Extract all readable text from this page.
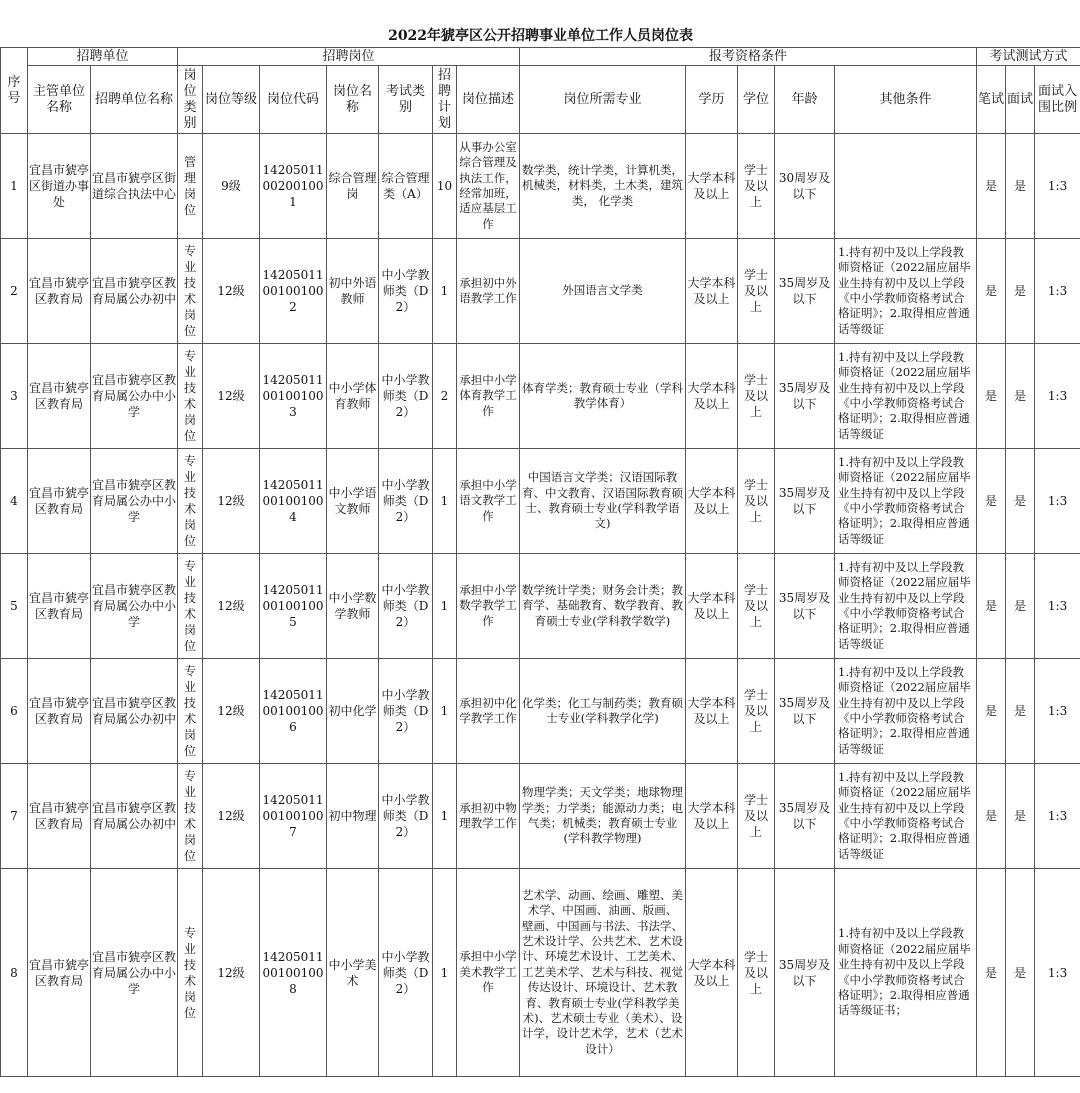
2022年猇亭区公开招聘事业单位工作人员岗位表																	
序号	招聘单位		招聘岗位							报考资格条件					考试测试方式		
	主管单位名称	招聘单位名称	岗位类别	岗位等级	岗位代码	岗位名称	考试类别	招聘计划	岗位描述	岗位所需专业	学历	学位	年龄	其他条件	笔试	面试	面试入围比例

1	宜昌市猇亭区街道办事处	宜昌市猇亭区街道综合执法中心	管理岗位	9级	14205011002001001	综合管理岗	综合管理类（A）	10	从事办公室综合管理及执法工作，经常加班，适应基层工作	数学类，统计学类，计算机类，机械类，材料类，土木类，建筑类， 化学类	大学本科及以上	学士及以上	30周岁及以下		是	是	1:3

2	宜昌市猇亭区教育局	宜昌市猇亭区教育局属公办初中	专业技术岗位	12级	14205011001001002	初中外语教师	中小学教师类（D2）	1	承担初中外语教学工作	外国语言文学类	大学本科及以上	学士及以上	35周岁及以下	1.持有初中及以上学段教师资格证（2022届应届毕业生持有初中及以上学段《中小学教师资格考试合格证明》；2.取得相应普通话等级证	是	是	1:3

3	宜昌市猇亭区教育局	宜昌市猇亭区教育局属公办中小学	专业技术岗位	12级	14205011001001003	中小学体育教师	中小学教师类（D2）	2	承担中小学体育教学工作	体育学类；教育硕士专业（学科教学体育）	大学本科及以上	学士及以上	35周岁及以下	1.持有初中及以上学段教师资格证（2022届应届毕业生持有初中及以上学段《中小学教师资格考试合格证明》；2.取得相应普通话等级证	是	是	1:3

4	宜昌市猇亭区教育局	宜昌市猇亭区教育局属公办中小学	专业技术岗位	12级	14205011001001004	中小学语文教师	中小学教师类（D2）	1	承担中小学语文教学工作	中国语言文学类；汉语国际教育、中文教育、汉语国际教育硕士、教育硕士专业(学科教学语文)	大学本科及以上	学士及以上	35周岁及以下	1.持有初中及以上学段教师资格证（2022届应届毕业生持有初中及以上学段《中小学教师资格考试合格证明》；2.取得相应普通话等级证	是	是	1:3

5	宜昌市猇亭区教育局	宜昌市猇亭区教育局属公办中小学	专业技术岗位	12级	14205011001001005	中小学数学教师	中小学教师类（D2）	1	承担中小学数学教学工作	数学统计学类；财务会计类；教育学、基础教育、数学教育、教育硕士专业(学科教学数学)	大学本科及以上	学士及以上	35周岁及以下	1.持有初中及以上学段教师资格证（2022届应届毕业生持有初中及以上学段《中小学教师资格考试合格证明》；2.取得相应普通话等级证	是	是	1:3

6	宜昌市猇亭区教育局	宜昌市猇亭区教育局属公办初中	专业技术岗位	12级	14205011001001006	初中化学	中小学教师类（D2）	1	承担初中化学教学工作	化学类；化工与制药类；教育硕士专业(学科教学化学)	大学本科及以上	学士及以上	35周岁及以下	1.持有初中及以上学段教师资格证（2022届应届毕业生持有初中及以上学段《中小学教师资格考试合格证明》；2.取得相应普通话等级证	是	是	1:3

7	宜昌市猇亭区教育局	宜昌市猇亭区教育局属公办初中	专业技术岗位	12级	14205011001001007	初中物理	中小学教师类（D2）	1	承担初中物理教学工作	物理学类；天文学类；地球物理学类；力学类；能源动力类；电气类；机械类；教育硕士专业(学科教学物理)	大学本科及以上	学士及以上	35周岁及以下	1.持有初中及以上学段教师资格证（2022届应届毕业生持有初中及以上学段《中小学教师资格考试合格证明》；2.取得相应普通话等级证	是	是	1:3

8	宜昌市猇亭区教育局	宜昌市猇亭区教育局属公办中小学	专业技术岗位	12级	14205011001001008	中小学美术	中小学教师类（D2）	1	承担中小学美术教学工作	艺术学、动画、绘画、雕塑、美术学、中国画、油画、版画、 壁画、中国画与书法、书法学、艺术设计学、公共艺术、艺术设计、环境艺术设计、工艺美术、工艺美术学、艺术与科技、视觉传达设计、环境设计、艺术教育、教育硕士专业(学科教学美术)、艺术硕士专业（美术）、设计学，设计艺术学，艺术（艺术设计）	大学本科及以上	学士及以上	35周岁及以下	1.持有初中及以上学段教师资格证（2022届应届毕业生持有初中及以上学段《中小学教师资格考试合格证明》；2.取得相应普通话等级证书；	是	是	1:3
